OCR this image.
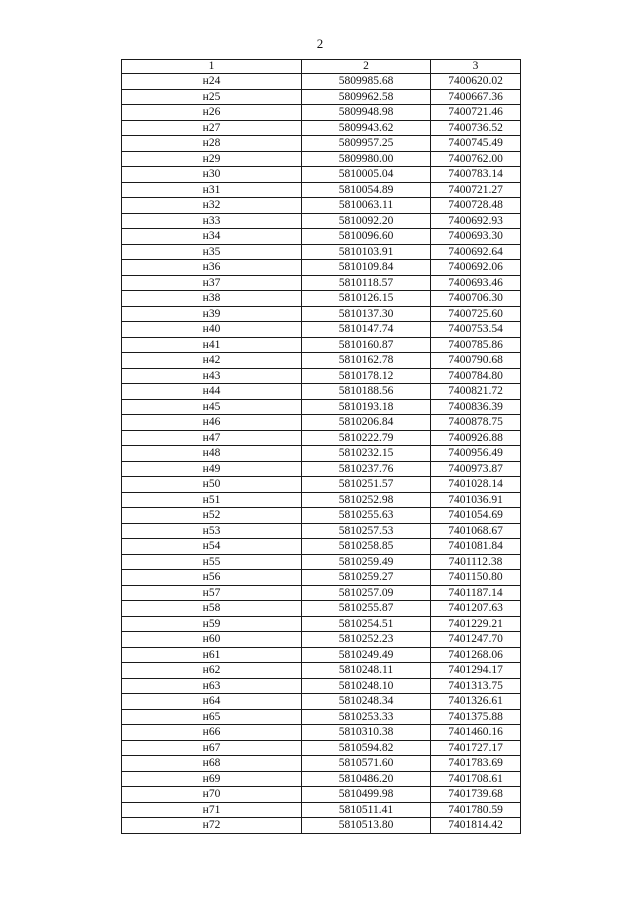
2
1	2	3
н24	5809985.68	7400620.02
н25	5809962.58	7400667.36
н26	5809948.98	7400721.46
н27	5809943.62	7400736.52
н28	5809957.25	7400745.49
н29	5809980.00	7400762.00
н30	5810005.04	7400783.14
н31	5810054.89	7400721.27
н32	5810063.11	7400728.48
н33	5810092.20	7400692.93
н34	5810096.60	7400693.30
н35	5810103.91	7400692.64
н36	5810109.84	7400692.06
н37	5810118.57	7400693.46
н38	5810126.15	7400706.30
н39	5810137.30	7400725.60
н40	5810147.74	7400753.54
н41	5810160.87	7400785.86
н42	5810162.78	7400790.68
н43	5810178.12	7400784.80
н44	5810188.56	7400821.72
н45	5810193.18	7400836.39
н46	5810206.84	7400878.75
н47	5810222.79	7400926.88
н48	5810232.15	7400956.49
н49	5810237.76	7400973.87
н50	5810251.57	7401028.14
н51	5810252.98	7401036.91
н52	5810255.63	7401054.69
н53	5810257.53	7401068.67
н54	5810258.85	7401081.84
н55	5810259.49	7401112.38
н56	5810259.27	7401150.80
н57	5810257.09	7401187.14
н58	5810255.87	7401207.63
н59	5810254.51	7401229.21
н60	5810252.23	7401247.70
н61	5810249.49	7401268.06
н62	5810248.11	7401294.17
н63	5810248.10	7401313.75
н64	5810248.34	7401326.61
н65	5810253.33	7401375.88
н66	5810310.38	7401460.16
н67	5810594.82	7401727.17
н68	5810571.60	7401783.69
н69	5810486.20	7401708.61
н70	5810499.98	7401739.68
н71	5810511.41	7401780.59
н72	5810513.80	7401814.42
